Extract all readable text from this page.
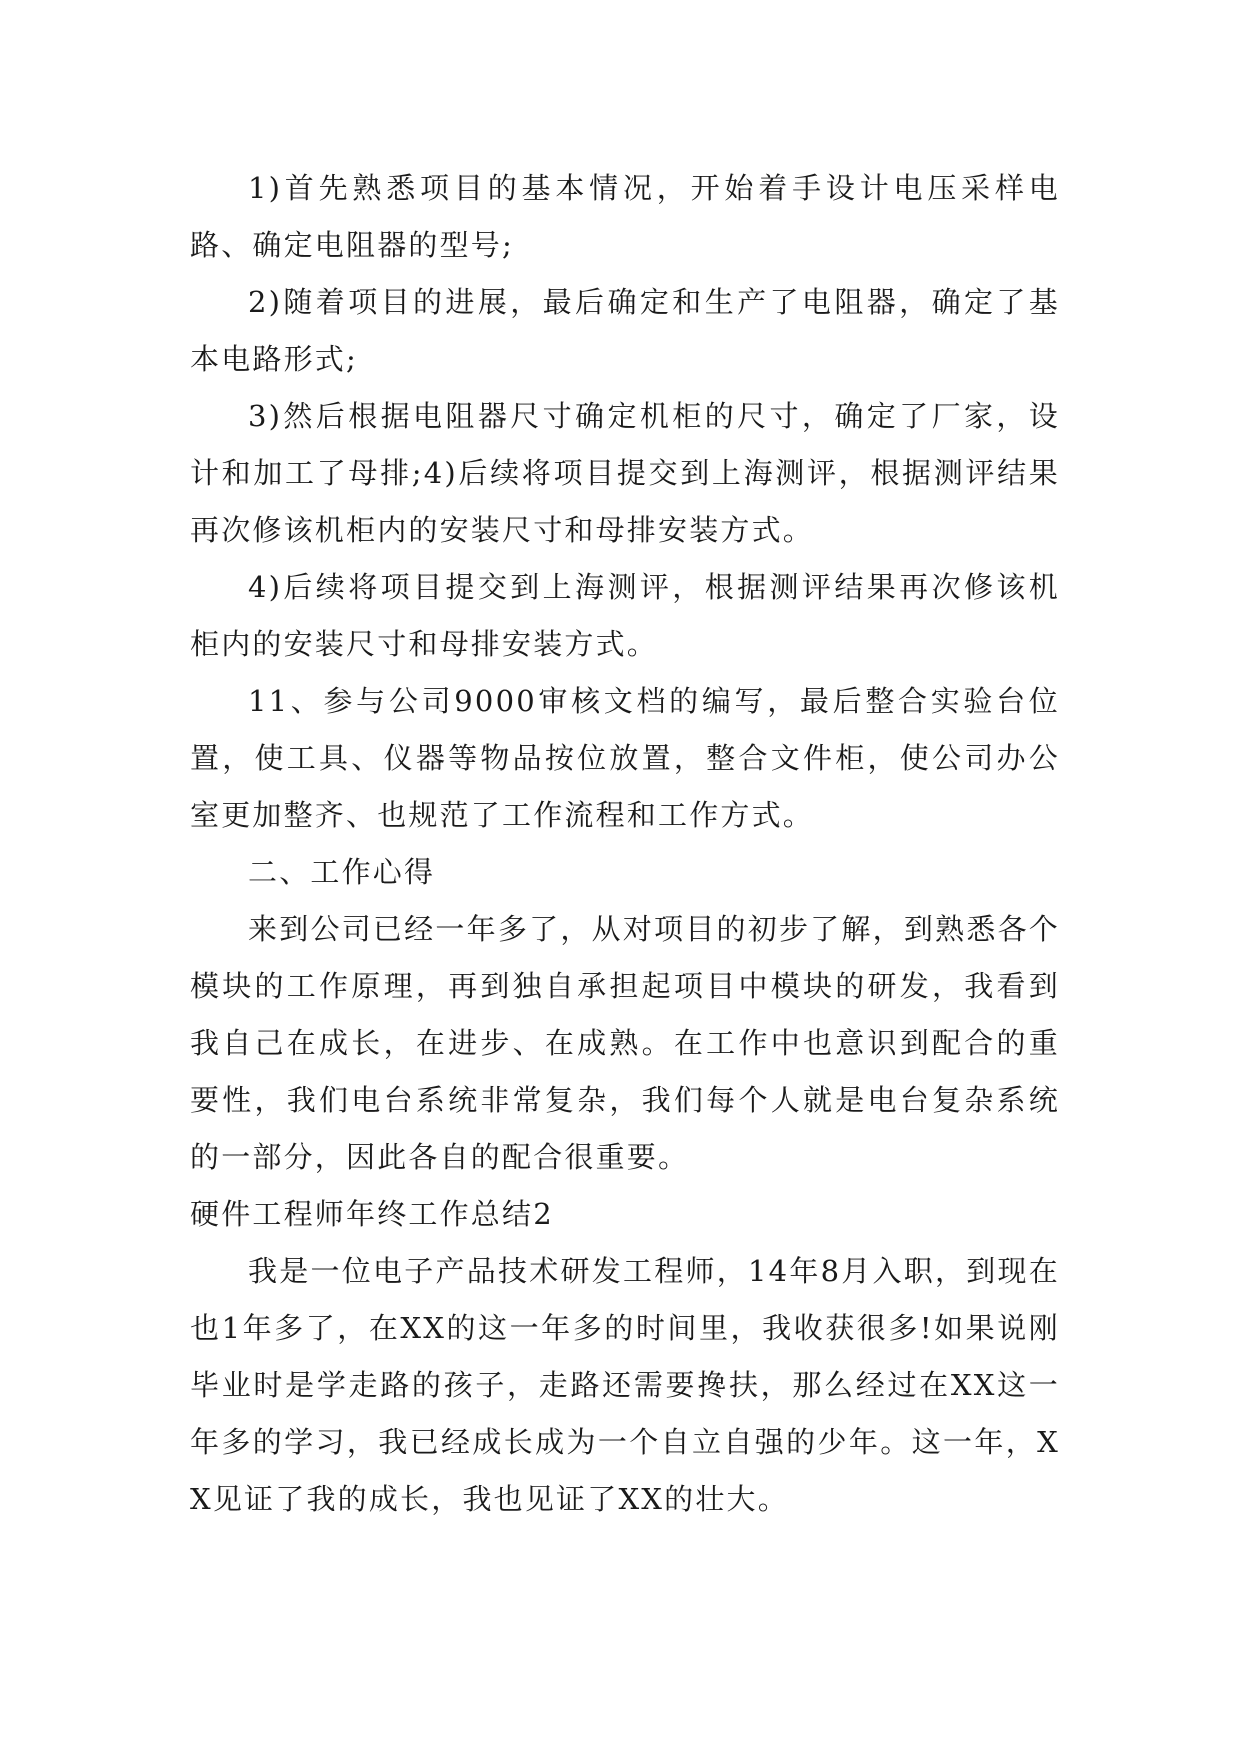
1)首先熟悉项目的基本情况，开始着手设计电压采样电路、确定电阻器的型号;

2)随着项目的进展，最后确定和生产了电阻器，确定了基本电路形式;

3)然后根据电阻器尺寸确定机柜的尺寸，确定了厂家，设计和加工了母排;4)后续将项目提交到上海测评，根据测评结果再次修该机柜内的安装尺寸和母排安装方式。

4)后续将项目提交到上海测评，根据测评结果再次修该机柜内的安装尺寸和母排安装方式。

11、参与公司9000审核文档的编写，最后整合实验台位置，使工具、仪器等物品按位放置，整合文件柜，使公司办公室更加整齐、也规范了工作流程和工作方式。

二、工作心得

来到公司已经一年多了，从对项目的初步了解，到熟悉各个模块的工作原理，再到独自承担起项目中模块的研发，我看到我自己在成长，在进步、在成熟。在工作中也意识到配合的重要性，我们电台系统非常复杂，我们每个人就是电台复杂系统的一部分，因此各自的配合很重要。

硬件工程师年终工作总结2

我是一位电子产品技术研发工程师，14年8月入职，到现在也1年多了，在XX的这一年多的时间里，我收获很多!如果说刚毕业时是学走路的孩子，走路还需要搀扶，那么经过在XX这一年多的学习，我已经成长成为一个自立自强的少年。这一年，XX见证了我的成长，我也见证了XX的壮大。
